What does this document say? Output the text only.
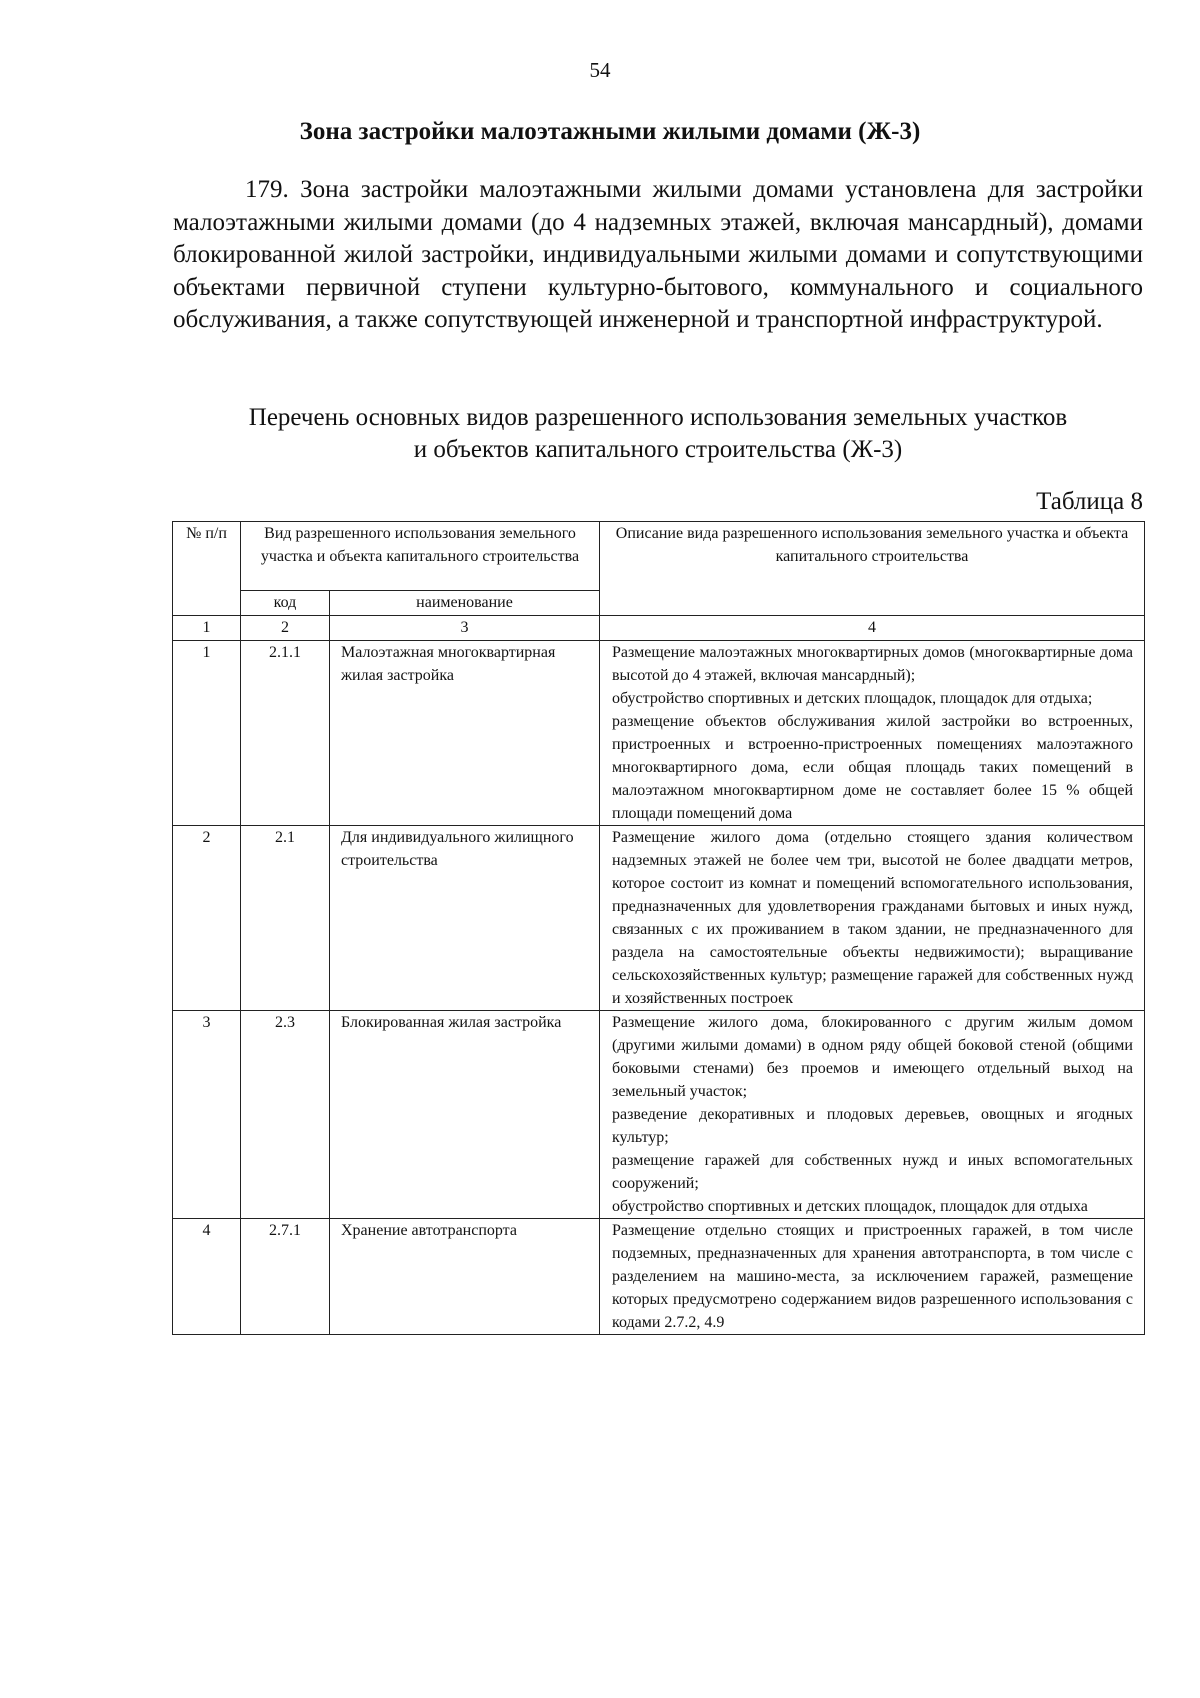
54
Зона застройки малоэтажными жилыми домами (Ж-3)

179. Зона застройки малоэтажными жилыми домами установлена для застройки малоэтажными жилыми домами (до 4 надземных этажей, включая мансардный), домами блокированной жилой застройки, индивидуальными жилыми домами и сопутствующими объектами первичной ступени культурно-бытового, коммунального и социального обслуживания, а также сопутствующей инженерной и транспортной инфраструктурой.

Перечень основных видов разрешенного использования земельных участков
и объектов капитального строительства (Ж-3)
Таблица 8
№ п/п	Вид разрешенного использования земельного участка и объекта капитального строительства		Описание вида разрешенного использования земельного участка и объекта капитального строительства
	код	наименование	
1	2	3	4
1	2.1.1	Малоэтажная многоквартирная жилая застройка	Размещение малоэтажных многоквартирных домов (многоквартирные дома высотой до 4 этажей, включая мансардный);
обустройство спортивных и детских площадок, площадок для отдыха;
размещение объектов обслуживания жилой застройки во встроенных, пристроенных и встроенно-пристроенных помещениях малоэтажного многоквартирного дома, если общая площадь таких помещений в малоэтажном многоквартирном доме не составляет более 15 % общей площади помещений дома

2	2.1	Для индивидуального жилищного строительства	Размещение жилого дома (отдельно стоящего здания количеством надземных этажей не более чем три, высотой не более двадцати метров, которое состоит из комнат и помещений вспомогательного использования, предназначенных для удовлетворения гражданами бытовых и иных нужд, связанных с их проживанием в таком здании, не предназначенного для раздела на самостоятельные объекты недвижимости); выращивание сельскохозяйственных культур; размещение гаражей для собственных нужд и хозяйственных построек

3	2.3	Блокированная жилая застройка	Размещение жилого дома, блокированного с другим жилым домом (другими жилыми домами) в одном ряду общей боковой стеной (общими боковыми стенами) без проемов и имеющего отдельный выход на земельный участок;
разведение декоративных и плодовых деревьев, овощных и ягодных культур;
размещение гаражей для собственных нужд и иных вспомогательных сооружений;
обустройство спортивных и детских площадок, площадок для отдыха

4	2.7.1	Хранение автотранспорта	Размещение отдельно стоящих и пристроенных гаражей, в том числе подземных, предназначенных для хранения автотранспорта, в том числе с разделением на машино-места, за исключением гаражей, размещение которых предусмотрено содержанием видов разрешенного использования с кодами 2.7.2, 4.9
